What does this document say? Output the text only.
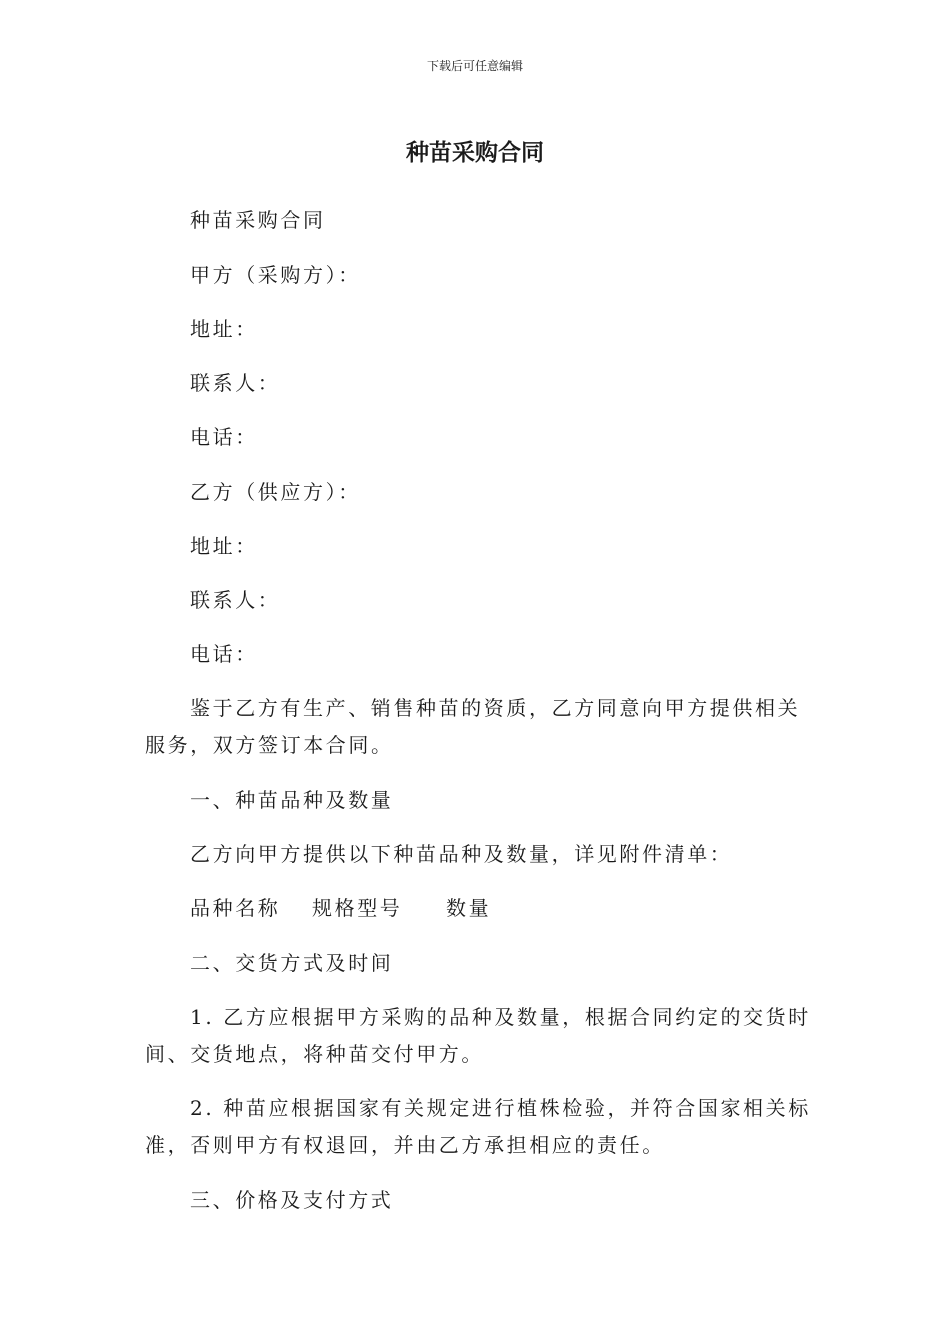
下载后可任意编辑
种苗采购合同

种苗采购合同

甲方（采购方）：

地址：

联系人：

电话：

乙方（供应方）：

地址：

联系人：

电话：

鉴于乙方有生产、销售种苗的资质，乙方同意向甲方提供相关服务，双方签订本合同。

一、种苗品种及数量

乙方向甲方提供以下种苗品种及数量，详见附件清单：

品种名称 规格型号 数量

二、交货方式及时间

1. 乙方应根据甲方采购的品种及数量，根据合同约定的交货时间、交货地点，将种苗交付甲方。

2. 种苗应根据国家有关规定进行植株检验，并符合国家相关标准，否则甲方有权退回，并由乙方承担相应的责任。

三、价格及支付方式
